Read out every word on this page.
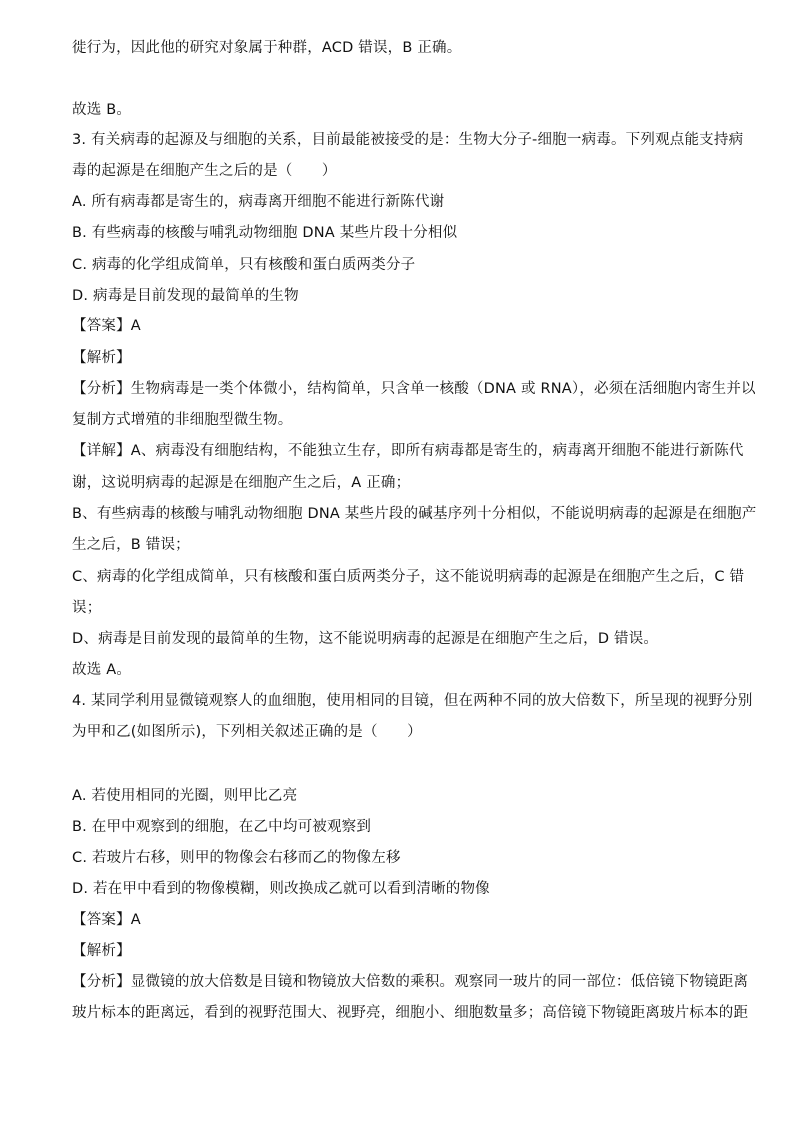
徙行为，因此他的研究对象属于种群，ACD 错误，B 正确。
故选 B。
3. 有关病毒的起源及与细胞的关系，目前最能被接受的是：生物大分子-细胞一病毒。下列观点能支持病
毒的起源是在细胞产生之后的是（　　）
A. 所有病毒都是寄生的，病毒离开细胞不能进行新陈代谢
B. 有些病毒的核酸与哺乳动物细胞 DNA 某些片段十分相似
C. 病毒的化学组成简单，只有核酸和蛋白质两类分子
D. 病毒是目前发现的最简单的生物
【答案】A
【解析】
【分析】生物病毒是一类个体微小，结构简单，只含单一核酸（DNA 或 RNA），必须在活细胞内寄生并以
复制方式增殖的非细胞型微生物。
【详解】A、病毒没有细胞结构，不能独立生存，即所有病毒都是寄生的，病毒离开细胞不能进行新陈代
谢，这说明病毒的起源是在细胞产生之后，A 正确；
B、有些病毒的核酸与哺乳动物细胞 DNA 某些片段的碱基序列十分相似，不能说明病毒的起源是在细胞产
生之后，B 错误；
C、病毒的化学组成简单，只有核酸和蛋白质两类分子，这不能说明病毒的起源是在细胞产生之后，C 错
误；
D、病毒是目前发现的最简单的生物，这不能说明病毒的起源是在细胞产生之后，D 错误。
故选 A。
4. 某同学利用显微镜观察人的血细胞，使用相同的目镜，但在两种不同的放大倍数下，所呈现的视野分别
为甲和乙(如图所示)，下列相关叙述正确的是（　　）
A. 若使用相同的光圈，则甲比乙亮
B. 在甲中观察到的细胞，在乙中均可被观察到
C. 若玻片右移，则甲的物像会右移而乙的物像左移
D. 若在甲中看到的物像模糊，则改换成乙就可以看到清晰的物像
【答案】A
【解析】
【分析】显微镜的放大倍数是目镜和物镜放大倍数的乘积。观察同一玻片的同一部位：低倍镜下物镜距离
玻片标本的距离远，看到的视野范围大、视野亮，细胞小、细胞数量多；高倍镜下物镜距离玻片标本的距
